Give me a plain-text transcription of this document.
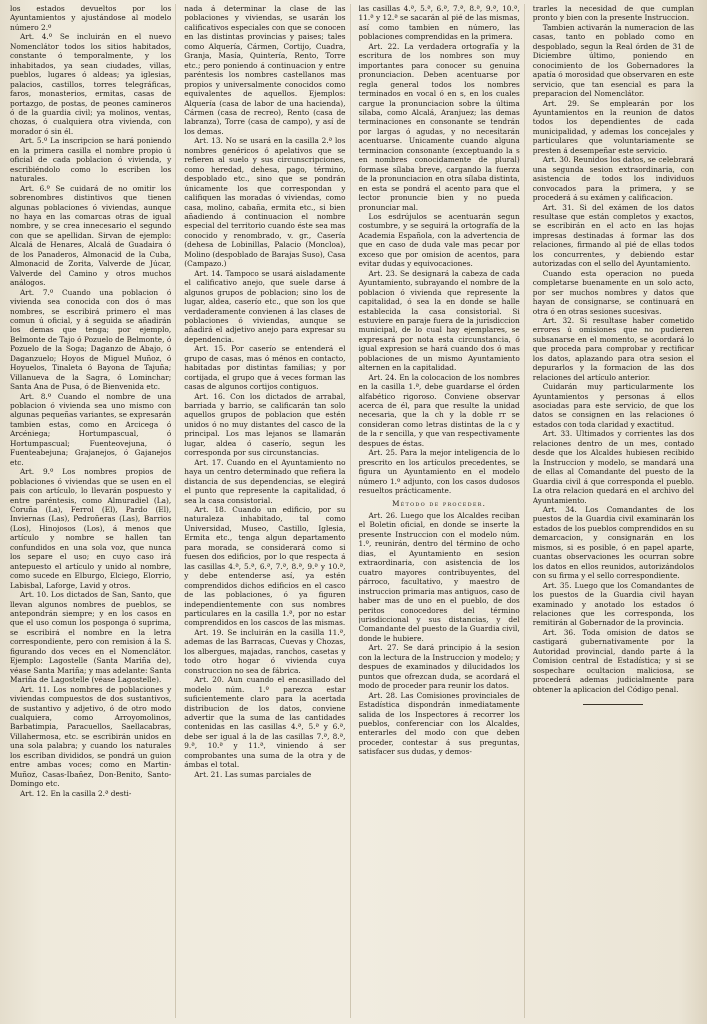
los estados devueltos por los Ayuntamientos y ajustándose al modelo número 2.º

Art. 4.º Se incluirán en el nuevo Nomenclátor todos los sitios habitados, constante ó temporalmente, y los inhabitados, ya sean ciudades, villas, pueblos, lugares ó aldeas; ya iglesias, palacios, castillos, torres telegráficas, faros, monasterios, ermitas, casas de portazgo, de postas, de peones camineros ó de la guardia civil; ya molinos, ventas, chozas, ó cualquiera otra vivienda, con morador ó sin él.

Art. 5.º La inscripcion se hará poniendo en la primera casilla el nombre propio ú oficial de cada poblacion ó vivienda, y escribiéndolo como lo escriben los naturales.

Art. 6.º Se cuidará de no omitir los sobrenombres distintivos que tienen algunas poblaciones ó viviendas, aunque no haya en las comarcas otras de igual nombre, y se crea innecesario el segundo con que se apellidan. Sirvan de ejemplo: Alcalá de Henares, Alcalá de Guadaira ó de los Panaderos, Almonacid de la Cuba, Almonacid de Zorita, Valverde de Júcar, Valverde del Camino y otros muchos análogos.

Art. 7.º Cuando una poblacion ó vivienda sea conocida con dos ó mas nombres, se escribirá primero el mas comun ú oficial, y á seguida se añadirán los demas que tenga; por ejemplo, Belmonte de Tajo ó Pozuelo de Belmonte, ó Pozuelo de la Soga; Daganzo de Abajo, ó Daganzuelo; Hoyos de Miguel Muñoz, ó Hoyuelos, Tinaleta ó Bayona de Tajuña; Villanueva de la Sagra, ó Lominchar; Santa Ana de Pusa, ó de Bienvenida etc.

Art. 8.º Cuando el nombre de una poblacion ó vivienda sea uno mismo con algunas pequeñas variantes, se expresarán tambien estas, como en Arcicega ó Arcéniega; Hortumpascual, ó Hortumpascual; Fuenteovejuna, ó Fuenteabejuna; Grajanejos, ó Gajanejos etc.

Art. 9.º Los nombres propios de poblaciones ó viviendas que se usen en el pais con artículo, lo llevarán pospuesto y entre paréntesis, como Almuradiel (La), Coruña (La), Ferrol (El), Pardo (El), Inviernas (Las), Pedroñeras (Las), Barrios (Los), Hinojosos (Los), á menos que artículo y nombre se hallen tan confundidos en una sola voz, que nunca los separe el uso; en cuyo caso irá antepuesto el artículo y unido al nombre, como sucede en Elburgo, Elciego, Elorrio, Labisbal, Laforge, Lavid y otros.

Art. 10. Los dictados de San, Santo, que llevan algunos nombres de pueblos, se antepondrán siempre; y en los casos en que el uso comun los posponga ó suprima, se escribirá el nombre en la letra correspondiente, pero con remision á la S. figurando dos veces en el Nomenclátor. Ejemplo: Lagostelle (Santa Mariña de), véase Santa Mariña; y mas adelante: Santa Mariña de Lagostelle (véase Lagostelle).

Art. 11. Los nombres de poblaciones y viviendas compuestos de dos sustantivos, de sustantivo y adjetivo, ó de otro modo cualquiera, como Arroyomolinos, Barbatimpia, Paracuellos, Saellacabras, Villahermosa, etc. se escribirán unidos en una sola palabra; y cuando los naturales los escriban divididos, se pondrá un guion entre ambas voces; como en Martin-Muñoz, Casas-Ibañez, Don-Benito, Santo-Domingo etc.

Art. 12. En la casilla 2.ª desti-

nada á determinar la clase de las poblaciones y viviendas, se usarán los calificativos especiales con que se conocen en las distintas provincias y paises; tales como Alquería, Cármen, Cortijo, Cuadra, Granja, Masía, Quintería, Rento, Torre etc.; pero poniendo á continuacion y entre paréntesis los nombres castellanos mas propios y universalmente conocidos como equivalentes de aquellos. Ejemplos: Alquería (casa de labor de una hacienda), Cármen (casa de recreo), Rento (casa de labranza), Torre (casa de campo), y así de los demas.

Art. 13. No se usará en la casilla 2.ª los nombres genéricos ó apelativos que se refieren al suelo y sus circunscripciones, como heredad, dehesa, pago, término, despoblado etc., sino que se pondrán únicamente los que correspondan y califiquen las moradas ó viviendas, como casa, molino, cabaña, ermita etc., si bien añadiendo á continuacion el nombre especial del territorio cuando éste sea mas conocido y renombrado, v. gr., Casería (dehesa de Lobinillas, Palacio (Moncloa), Molino (despoblado de Barajas Suso), Casa (Campazo.)

Art. 14. Tampoco se usará aisladamente el calificativo anejo, que suele darse á algunos grupos de poblacion; sino los de lugar, aldea, caserío etc., que son los que verdaderamente convienen á las clases de poblaciones ó viviendas, aunque se añadirá el adjetivo anejo para expresar su dependencia.

Art. 15. Por caserío se entenderá el grupo de casas, mas ó ménos en contacto, habitadas por distintas familias; y por cortijada, el grupo que á veces forman las casas de algunos cortijos contiguos.

Art. 16. Con los dictados de arrabal, barriada y barrio, se calificarán tan solo aquellos grupos de poblacion que estén unidos ó no muy distantes del casco de la principal. Los mas lejanos se llamarán lugar, aldea ó caserío, segun les corresponda por sus circunstancias.

Art. 17. Cuando en el Ayuntamiento no haya un centro determinado que refiera la distancia de sus dependencias, se elegirá el punto que represente la capitalidad, ó sea la casa consistorial.

Art. 18. Cuando un edificio, por su naturaleza inhabitado, tal como Universidad, Museo, Castillo, Iglesia, Ermita etc., tenga algun departamento para morada, se considerará como si fuesen dos edificios, por lo que respecta á las casillas 4.ª, 5.ª, 6.ª, 7.ª, 8.ª, 9.ª y 10.ª, y debe entenderse así, ya estén comprendidos dichos edificios en el casco de las poblaciones, ó ya figuren independientemente con sus nombres particulares en la casilla 1.ª, por no estar comprendidos en los cascos de las mismas.

Art. 19. Se incluirán en la casilla 11.ª, ademas de las Barracas, Cuevas y Chozas, los albergues, majadas, ranchos, casetas y todo otro hogar ó vivienda cuya construccion no sea de fábrica.

Art. 20. Aun cuando el encasillado del modelo núm. 1.º parezca estar suficientemente claro para la acertada distribucion de los datos, conviene advertir que la suma de las cantidades contenidas en las casillas 4.ª, 5.ª y 6.ª, debe ser igual á la de las casillas 7.ª, 8.ª, 9.ª, 10.ª y 11.ª, viniendo á ser comprobantes una suma de la otra y de ámbas el total.

Art. 21. Las sumas parciales de

las casillas 4.ª, 5.ª, 6.ª, 7.ª, 8.ª, 9.ª, 10.ª, 11.ª y 12.ª se sacarán al pié de las mismas, así como tambien en número, las poblaciones comprendidas en la primera.

Art. 22. La verdadera ortografía y la escritura de los nombres son muy importantes para conocer su genuina pronunciacion. Deben acentuarse por regla general todos los nombres terminados en vocal ó en s, en los cuales cargue la pronunciacion sobre la última sílaba, como Alcalá, Aranjuez; las demas terminaciones en consonante se tendrán por largas ó agudas, y no necesitarán acentuarse. Unicamente cuando alguna terminacion consonante (exceptuando la s en nombres conocidamente de plural) formase sílaba breve, cargando la fuerza de la pronunciacion en otra sílaba distinta, en esta se pondrá el acento para que el lector pronuncie bien y no pueda pronunciar mal.

Los esdrújulos se acentuarán segun costumbre, y se seguirá la ortografía de la Academia Española, con la advertencia de que en caso de duda vale mas pecar por exceso que por omision de acentos, para evitar dudas y equivocaciones.

Art. 23. Se designará la cabeza de cada Ayuntamiento, subrayando el nombre de la poblacion ó vivienda que represente la capitalidad, ó sea la en donde se halle establecida la casa consistorial. Si estuviere en paraje fuera de la jurisdiccion municipal, de lo cual hay ejemplares, se expresará por nota esta circunstancia, ó igual expresion se hará cuando dos ó mas poblaciones de un mismo Ayuntamiento alternen en la capitalidad.

Art. 24. En la colocacion de los nombres en la casilla 1.ª, debe guardarse el órden alfabético rigoroso. Conviene observar acerca de él, para que resulte la unidad necesaria, que la ch y la doble rr se consideran como letras distintas de la c y de la r sencilla, y que van respectivamente despues de éstas.

Art. 25. Para la mejor inteligencia de lo prescrito en los artículos precedentes, se figura un Ayuntamiento en el modelo número 1.º adjunto, con los casos dudosos resueltos prácticamente.

Método de proceder.

Art. 26. Luego que los Alcaldes reciban el Boletin oficial, en donde se inserte la presente Instruccion con el modelo núm. 1.º, reunirán, dentro del término de ocho dias, el Ayuntamiento en sesion extraordinaria, con asistencia de los cuatro mayores contribuyentes, del párroco, facultativo, y maestro de instruccion primaria mas antiguos, caso de haber mas de uno en el pueblo, de dos peritos conocedores del término jurisdiccional y sus distancias, y del Comandante del puesto de la Guardia civil, donde le hubiere.

Art. 27. Se dará principio á la sesion con la lectura de la Instruccion y modelo; y despues de examinados y dilucidados los puntos que ofrezcan duda, se acordará el modo de proceder para reunir los datos.

Art. 28. Las Comisiones provinciales de Estadística dispondrán inmediatamente salida de los Inspectores á recorrer los pueblos, conferenciar con los Alcaldes, enterarles del modo con que deben proceder, contestar á sus preguntas, satisfacer sus dudas, y demos-

trarles la necesidad de que cumplan pronto y bien con la presente Instruccion.

Tambien activarán la numeracion de las casas, tanto en poblado como en despoblado, segun la Real órden de 31 de Diciembre último, poniendo en conocimiento de los Gobernadores la apatía ó morosidad que observaren en este servicio, que tan esencial es para la preparacion del Nomenclátor.

Art. 29. Se emplearán por los Ayuntamientos en la reunion de datos todos los dependientes de cada municipalidad, y ademas los concejales y particulares que voluntariamente se presten á desempeñar este servicio.

Art. 30. Reunidos los datos, se celebrará una segunda sesion extraordinaria, con asistencia de todos los individuos convocados para la primera, y se procederá á su exámen y calificacion.

Art. 31. Si del exámen de los datos resultase que están completos y exactos, se escribirán en el acto en las hojas impresas destinadas á formar las dos relaciones, firmando al pié de ellas todos los concurrentes, y debiendo estar autorizadas con el sello del Ayuntamiento.

Cuando esta operacion no pueda completarse buenamente en un solo acto, por ser muchos nombres y datos que hayan de consignarse, se continuará en otra ó en otras sesiones sucesivas.

Art. 32. Si resultase haber cometido errores ú omisiones que no pudieren subsanarse en el momento, se acordará lo que proceda para comprobar y rectificar los datos, aplazando para otra sesion el depurarlos y la formacion de las dos relaciones del artículo anterior.

Cuidarán muy particularmente los Ayuntamientos y personas á ellos asociadas para este servicio, de que los datos se consignen en las relaciones ó estados con toda claridad y exactitud.

Art. 33. Ultimados y corrientes las dos relaciones dentro de un mes, contado desde que los Alcaldes hubiesen recibido la Instruccion y modelo, se mandará una de ellas al Comandante del puesto de la Guardia civil á que corresponda el pueblo. La otra relacion quedará en el archivo del Ayuntamiento.

Art. 34. Los Comandantes de los puestos de la Guardia civil examinarán los estados de los pueblos comprendidos en su demarcacion, y consignarán en los mismos, si es posible, ó en papel aparte, cuantas observaciones les ocurran sobre los datos en ellos reunidos, autorizándolos con su firma y el sello correspondiente.

Art. 35. Luego que los Comandantes de los puestos de la Guardia civil hayan examinado y anotado los estados ó relaciones que les corresponda, los remitirán al Gobernador de la provincia.

Art. 36. Toda omision de datos se castigará gubernativamente por la Autoridad provincial, dando parte á la Comision central de Estadística; y si se sospechare ocultacion maliciosa, se procederá ademas judicialmente para obtener la aplicacion del Código penal.
